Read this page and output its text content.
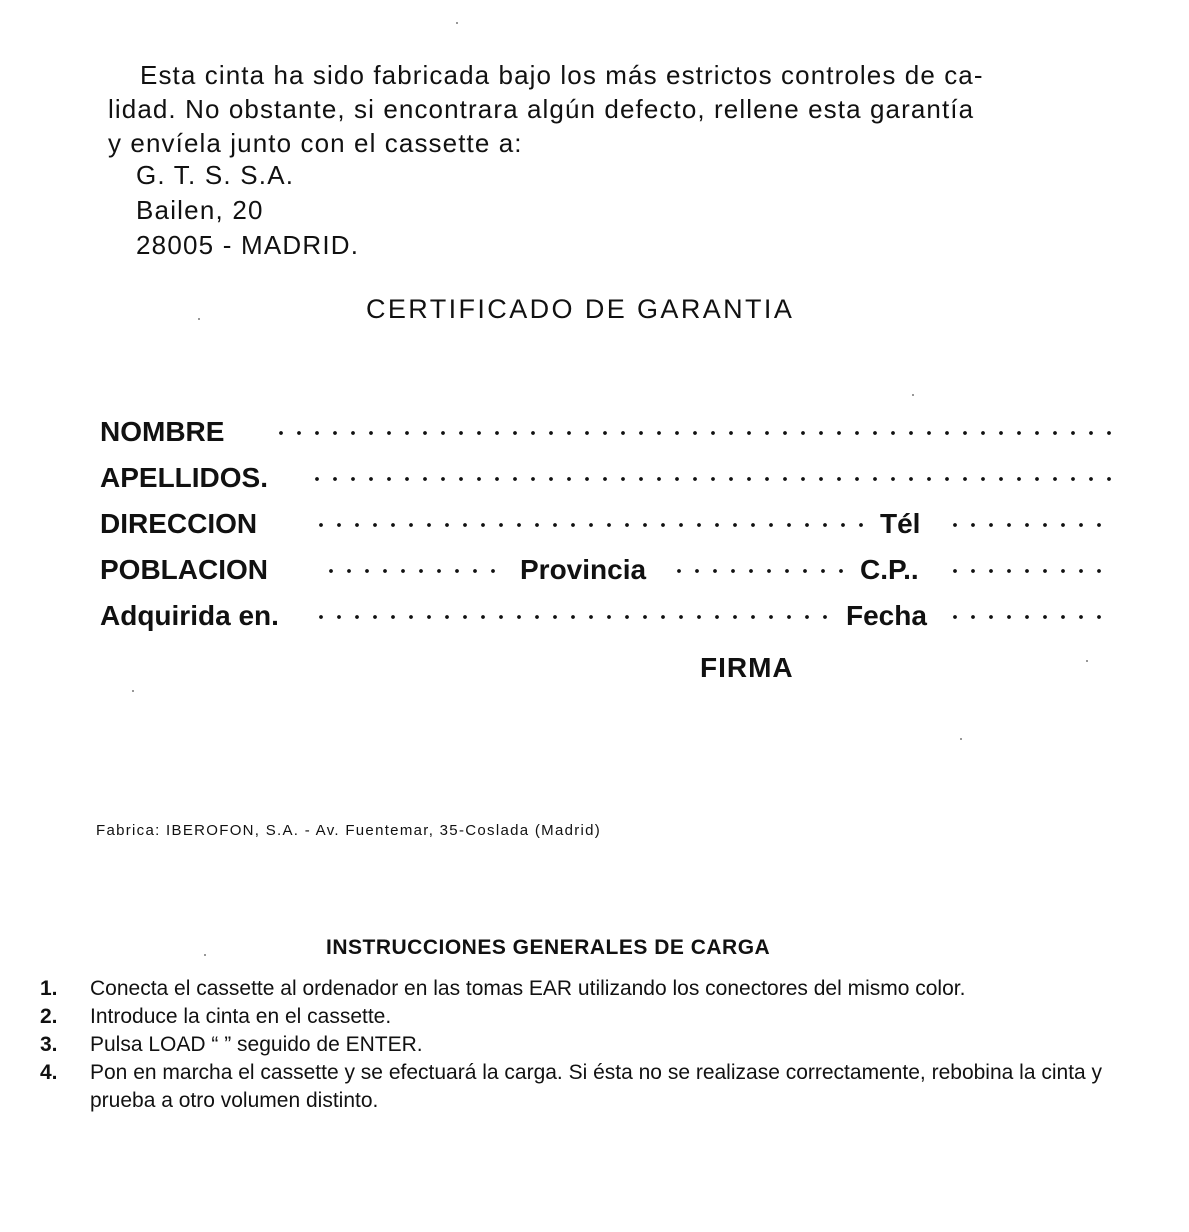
Esta cinta ha sido fabricada bajo los más estrictos controles de ca-

lidad. No obstante, si encontrara algún defecto, rellene esta garantía

y envíela junto con el cassette a:

G. T. S. S.A.
Bailen, 20
28005 - MADRID.
CERTIFICADO DE GARANTIA
NOMBRE
APELLIDOS.
DIRECCION	Tél
POBLACION	Provincia	C.P..
Adquirida en.	Fecha
FIRMA
Fabrica: IBEROFON, S.A. - Av. Fuentemar, 35-Coslada (Madrid)
INSTRUCCIONES GENERALES DE CARGA
1. Conecta el cassette al ordenador en las tomas EAR utilizando los conectores del mismo color.
2. Introduce la cinta en el cassette.
3. Pulsa LOAD “ ” seguido de ENTER.
4. Pon en marcha el cassette y se efectuará la carga. Si ésta no se realizase correctamente, rebobina la cinta y prueba a otro volumen distinto.
